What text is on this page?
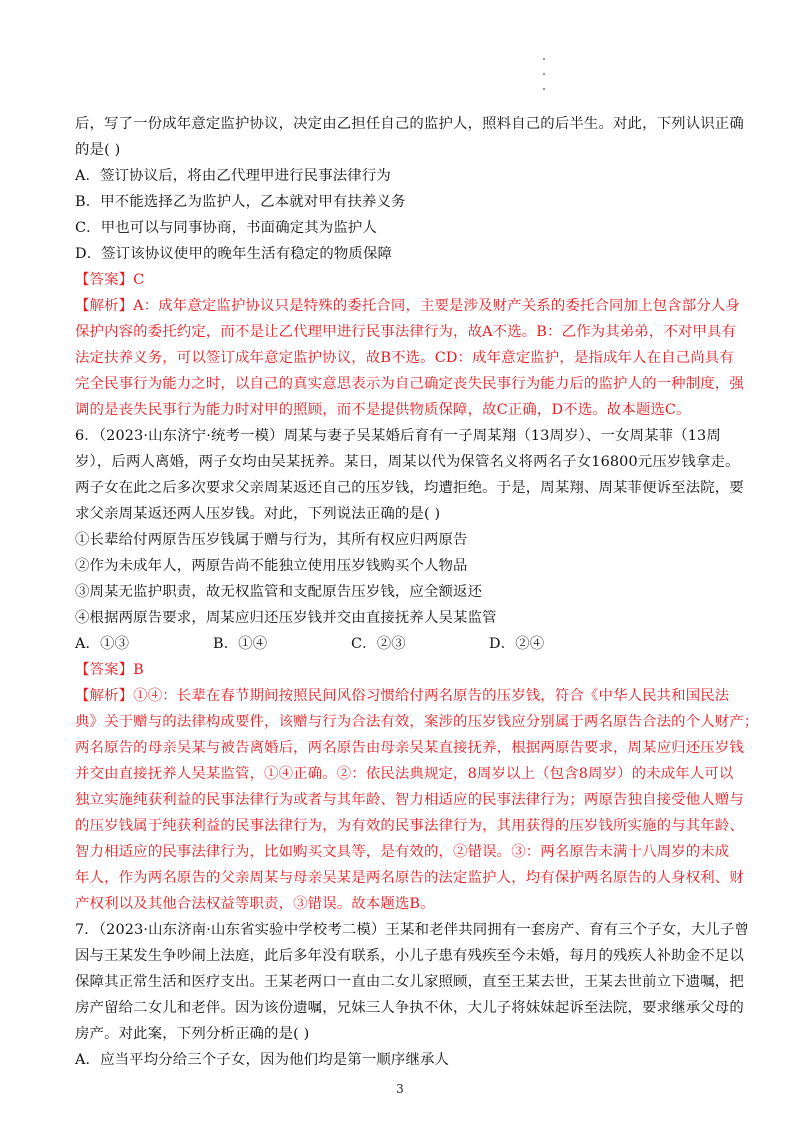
后，写了一份成年意定监护协议，决定由乙担任自己的监护人，照料自己的后半生。对此，下列认识正确
的是( )
A．签订协议后，将由乙代理甲进行民事法律行为
B．甲不能选择乙为监护人，乙本就对甲有扶养义务
C．甲也可以与同事协商，书面确定其为监护人
D．签订该协议使甲的晚年生活有稳定的物质保障
【答案】C
【解析】A：成年意定监护协议只是特殊的委托合同，主要是涉及财产关系的委托合同加上包含部分人身
保护内容的委托约定，而不是让乙代理甲进行民事法律行为，故A不选。B：乙作为其弟弟，不对甲具有
法定扶养义务，可以签订成年意定监护协议，故B不选。CD：成年意定监护，是指成年人在自己尚具有
完全民事行为能力之时，以自己的真实意思表示为自己确定丧失民事行为能力后的监护人的一种制度，强
调的是丧失民事行为能力时对甲的照顾，而不是提供物质保障，故C正确，D不选。故本题选C。
6．（2023·山东济宁·统考一模）周某与妻子吴某婚后育有一子周某翔（13周岁）、一女周某菲（13周
岁），后两人离婚，两子女均由吴某抚养。某日，周某以代为保管名义将两名子女16800元压岁钱拿走。
两子女在此之后多次要求父亲周某返还自己的压岁钱，均遭拒绝。于是，周某翔、周某菲便诉至法院，要
求父亲周某返还两人压岁钱。对此，下列说法正确的是( )
①长辈给付两原告压岁钱属于赠与行为，其所有权应归两原告
②作为未成年人，两原告尚不能独立使用压岁钱购买个人物品
③周某无监护职责，故无权监管和支配原告压岁钱，应全额返还
④根据两原告要求，周某应归还压岁钱并交由直接抚养人吴某监管
A．①③	B．①④	C．②③	D．②④
【答案】B
【解析】①④：长辈在春节期间按照民间风俗习惯给付两名原告的压岁钱，符合《中华人民共和国民法
典》关于赠与的法律构成要件，该赠与行为合法有效，案涉的压岁钱应分别属于两名原告合法的个人财产；
两名原告的母亲吴某与被告离婚后，两名原告由母亲吴某直接抚养，根据两原告要求，周某应归还压岁钱
并交由直接抚养人吴某监管，①④正确。②：依民法典规定，8周岁以上（包含8周岁）的未成年人可以
独立实施纯获利益的民事法律行为或者与其年龄、智力相适应的民事法律行为；两原告独自接受他人赠与
的压岁钱属于纯获利益的民事法律行为，为有效的民事法律行为，其用获得的压岁钱所实施的与其年龄、
智力相适应的民事法律行为，比如购买文具等，是有效的，②错误。③：两名原告未满十八周岁的未成
年人，作为两名原告的父亲周某与母亲吴某是两名原告的法定监护人，均有保护两名原告的人身权利、财
产权利以及其他合法权益等职责，③错误。故本题选B。
7．（2023·山东济南·山东省实验中学校考二模）王某和老伴共同拥有一套房产、育有三个子女，大儿子曾
因与王某发生争吵闹上法庭，此后多年没有联系，小儿子患有残疾至今未婚，每月的残疾人补助金不足以
保障其正常生活和医疗支出。王某老两口一直由二女儿家照顾，直至王某去世，王某去世前立下遗嘱，把
房产留给二女儿和老伴。因为该份遗嘱，兄妹三人争执不休，大儿子将妹妹起诉至法院，要求继承父母的
房产。对此案，下列分析正确的是( )
A．应当平均分给三个子女，因为他们均是第一顺序继承人
3
